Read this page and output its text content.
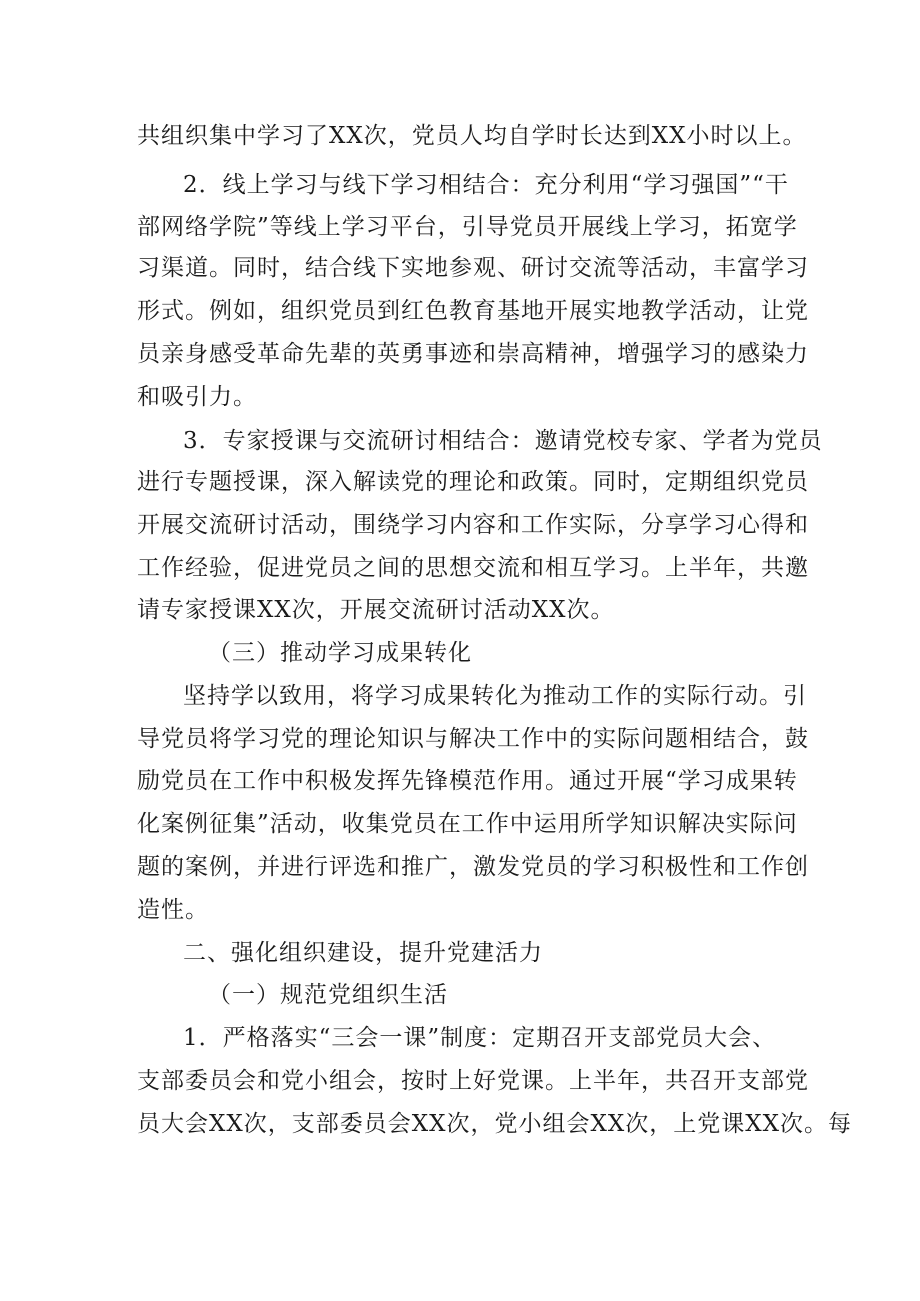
共组织集中学习了XX次，党员人均自学时长达到XX小时以上。
2．线上学习与线下学习相结合：充分利用“学习强国”“干
部网络学院”等线上学习平台，引导党员开展线上学习，拓宽学
习渠道。同时，结合线下实地参观、研讨交流等活动，丰富学习
形式。例如，组织党员到红色教育基地开展实地教学活动，让党
员亲身感受革命先辈的英勇事迹和崇高精神，增强学习的感染力
和吸引力。
3．专家授课与交流研讨相结合：邀请党校专家、学者为党员
进行专题授课，深入解读党的理论和政策。同时，定期组织党员
开展交流研讨活动，围绕学习内容和工作实际，分享学习心得和
工作经验，促进党员之间的思想交流和相互学习。上半年，共邀
请专家授课XX次，开展交流研讨活动XX次。
（三）推动学习成果转化
坚持学以致用，将学习成果转化为推动工作的实际行动。引
导党员将学习党的理论知识与解决工作中的实际问题相结合，鼓
励党员在工作中积极发挥先锋模范作用。通过开展“学习成果转
化案例征集”活动，收集党员在工作中运用所学知识解决实际问
题的案例，并进行评选和推广，激发党员的学习积极性和工作创
造性。
二、强化组织建设，提升党建活力
（一）规范党组织生活
1．严格落实“三会一课”制度：定期召开支部党员大会、
支部委员会和党小组会，按时上好党课。上半年，共召开支部党
员大会XX次，支部委员会XX次，党小组会XX次，上党课XX次。每
